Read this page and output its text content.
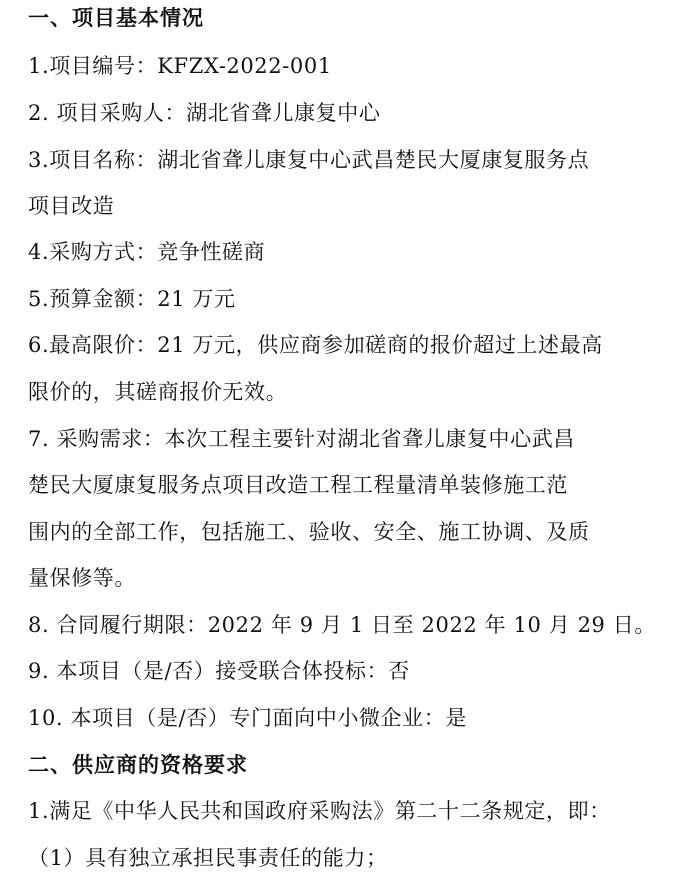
一、项目基本情况
1.项目编号：KFZX-2022-001
2. 项目采购人：湖北省聋儿康复中心
3.项目名称：湖北省聋儿康复中心武昌楚民大厦康复服务点
项目改造
4.采购方式：竞争性磋商
5.预算金额：21 万元
6.最高限价：21 万元，供应商参加磋商的报价超过上述最高
限价的，其磋商报价无效。
7. 采购需求：本次工程主要针对湖北省聋儿康复中心武昌
楚民大厦康复服务点项目改造工程工程量清单装修施工范
围内的全部工作，包括施工、验收、安全、施工协调、及质
量保修等。
8. 合同履行期限：2022 年 9 月 1 日至 2022 年 10 月 29 日。
9. 本项目（是/否）接受联合体投标：否
10. 本项目（是/否）专门面向中小微企业：是
二、供应商的资格要求
1.满足《中华人民共和国政府采购法》第二十二条规定，即：
（1）具有独立承担民事责任的能力；
